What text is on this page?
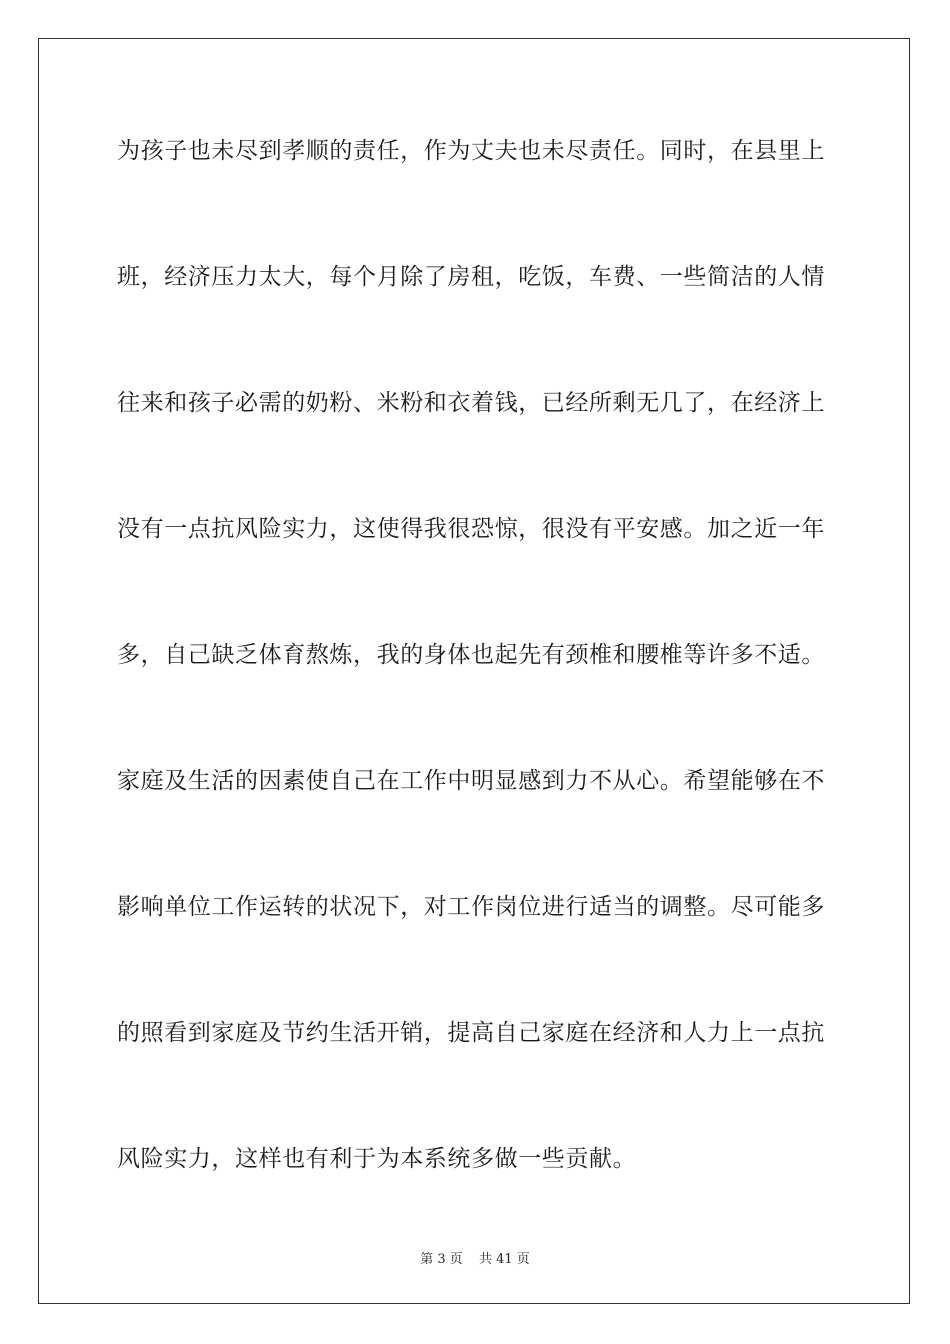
为孩子也未尽到孝顺的责任，作为丈夫也未尽责任。同时，在县里上
班，经济压力太大，每个月除了房租，吃饭，车费、一些简洁的人情
往来和孩子必需的奶粉、米粉和衣着钱，已经所剩无几了，在经济上
没有一点抗风险实力，这使得我很恐惊，很没有平安感。加之近一年
多，自己缺乏体育熬炼，我的身体也起先有颈椎和腰椎等许多不适。
家庭及生活的因素使自己在工作中明显感到力不从心。希望能够在不
影响单位工作运转的状况下，对工作岗位进行适当的调整。尽可能多
的照看到家庭及节约生活开销，提高自己家庭在经济和人力上一点抗
风险实力，这样也有利于为本系统多做一些贡献。
第 3 页 共 41 页
